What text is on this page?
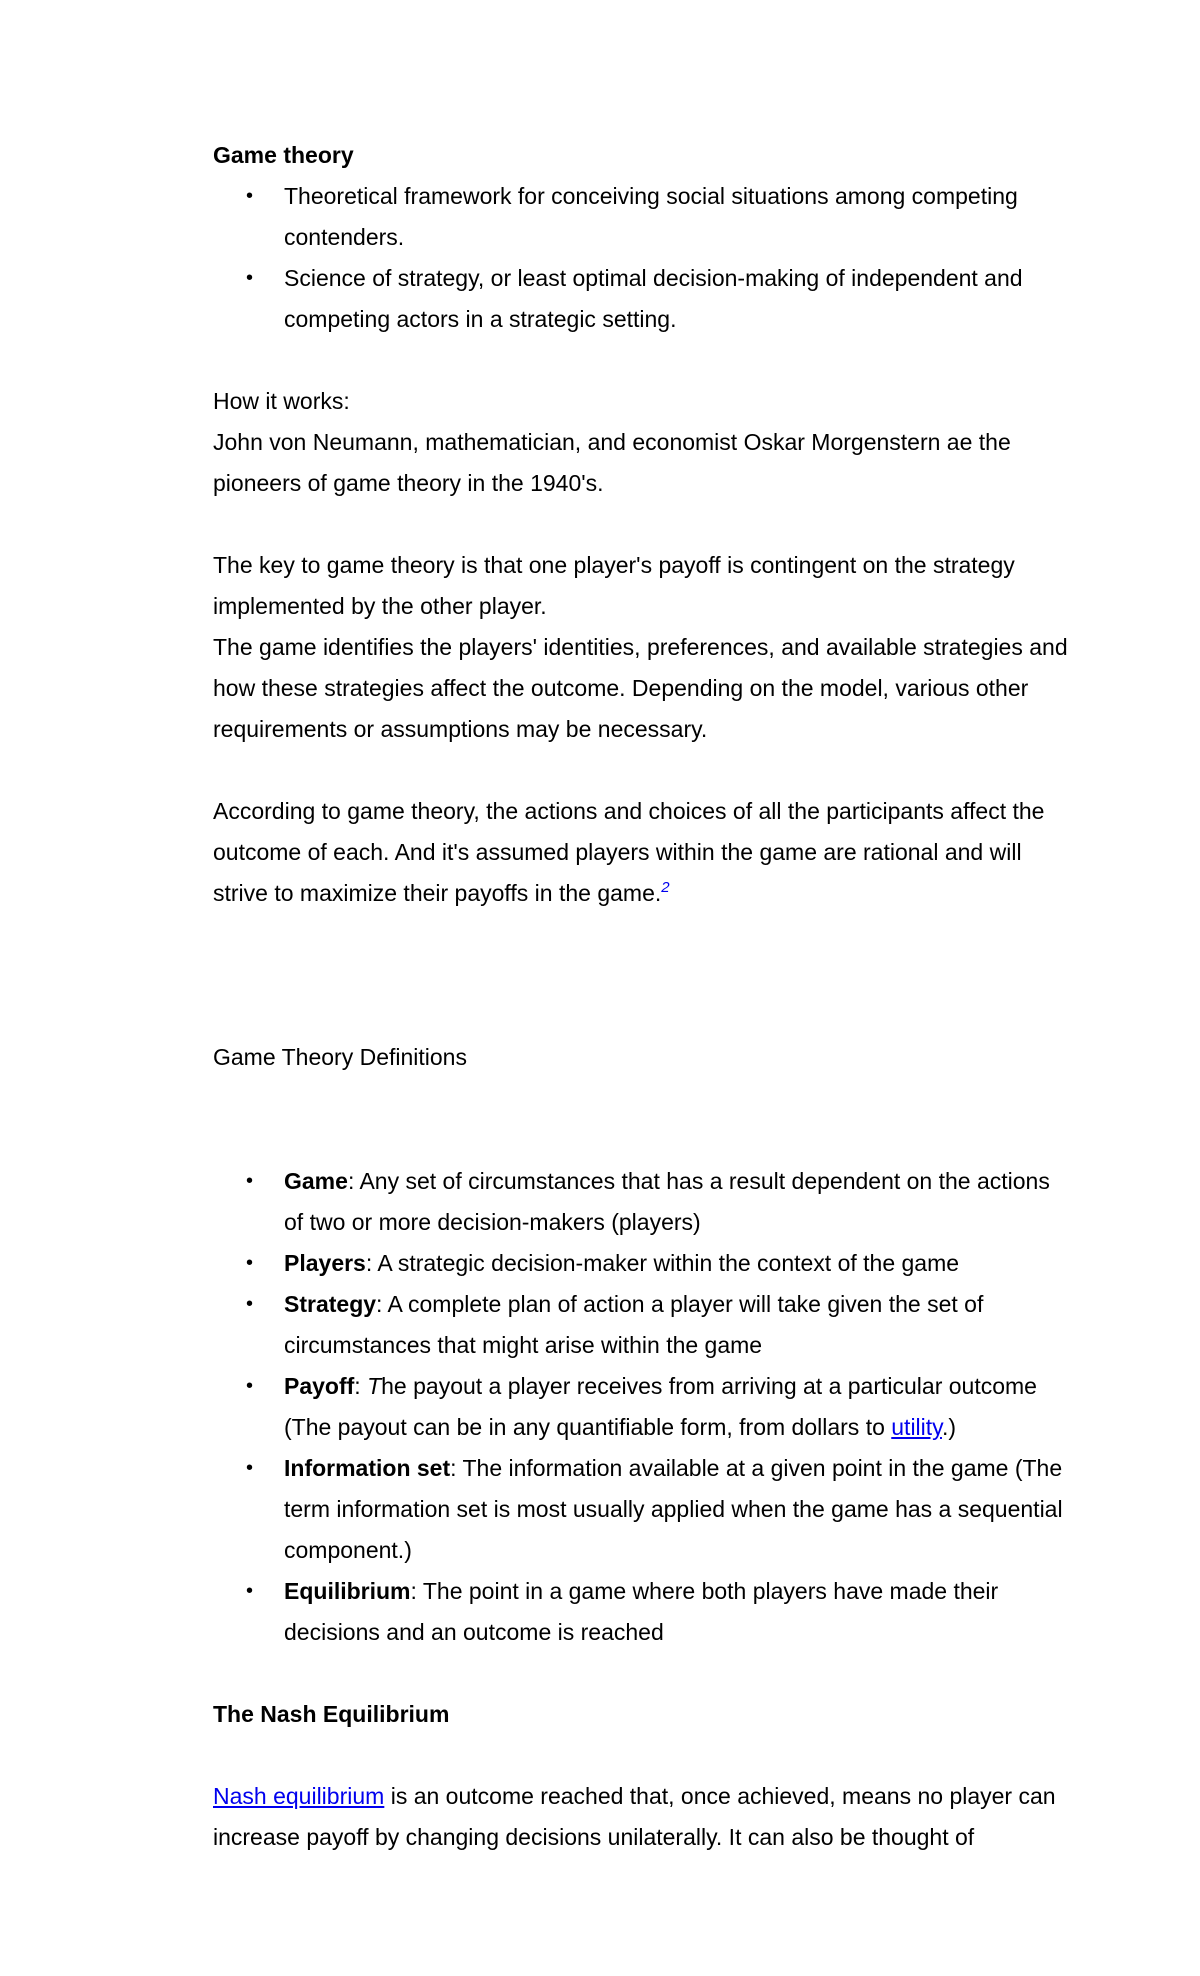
Game theory

• Theoretical framework for conceiving social situations among competing contenders.
• Science of strategy, or least optimal decision-making of independent and competing actors in a strategic setting.

How it works:

John von Neumann, mathematician, and economist Oskar Morgenstern ae the pioneers of game theory in the 1940's.

The key to game theory is that one player's payoff is contingent on the strategy implemented by the other player.

The game identifies the players' identities, preferences, and available strategies and how these strategies affect the outcome. Depending on the model, various other requirements or assumptions may be necessary.

According to game theory, the actions and choices of all the participants affect the outcome of each. And it's assumed players within the game are rational and will strive to maximize their payoffs in the game.$^2$

Game Theory Definitions

• Game: Any set of circumstances that has a result dependent on the actions of two or more decision-makers (players)
• Players: A strategic decision-maker within the context of the game
• Strategy: A complete plan of action a player will take given the set of circumstances that might arise within the game
• Payoff: The payout a player receives from arriving at a particular outcome (The payout can be in any quantifiable form, from dollars to utility.)
• Information set: The information available at a given point in the game (The term information set is most usually applied when the game has a sequential component.)
• Equilibrium: The point in a game where both players have made their decisions and an outcome is reached

The Nash Equilibrium

Nash equilibrium is an outcome reached that, once achieved, means no player can increase payoff by changing decisions unilaterally. It can also be thought of
